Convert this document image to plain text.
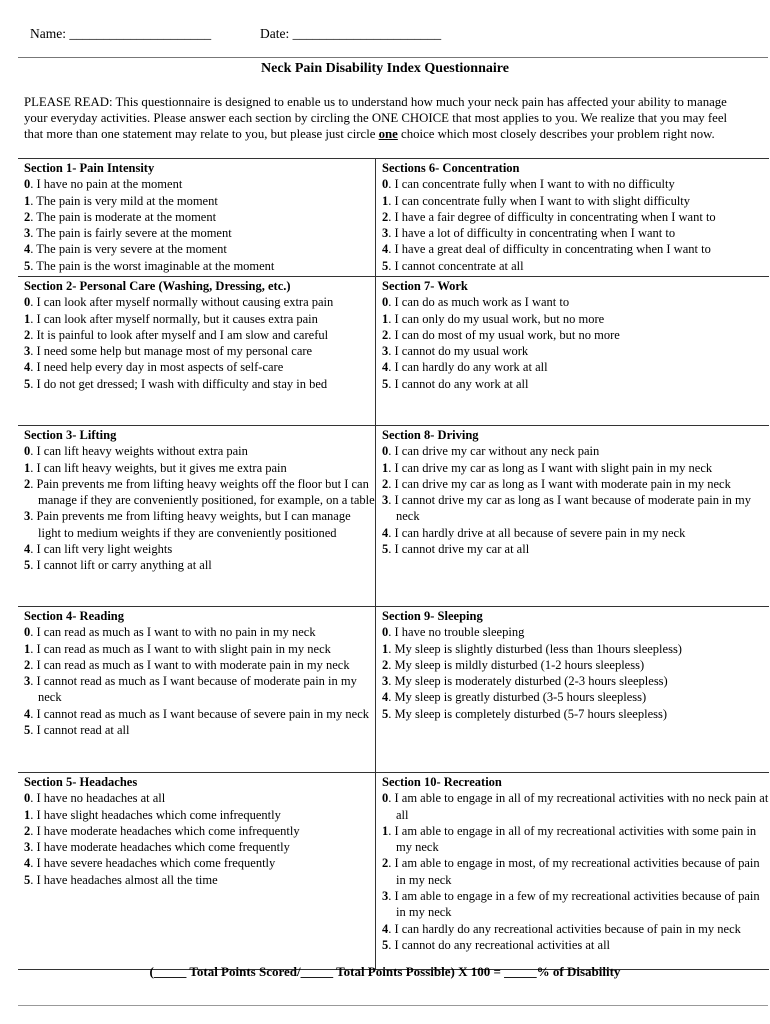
Name: _____________________	Date: ______________________
Neck Pain Disability Index Questionnaire
PLEASE READ: This questionnaire is designed to enable us to understand how much your neck pain has affected your ability to manage your everyday activities. Please answer each section by circling the ONE CHOICE that most applies to you. We realize that you may feel that more than one statement may relate to you, but please just circle one choice which most closely describes your problem right now.
Section 1- Pain Intensity
0. I have no pain at the moment
1. The pain is very mild at the moment
2. The pain is moderate at the moment
3. The pain is fairly severe at the moment
4. The pain is very severe at the moment
5. The pain is the worst imaginable at the moment
Sections 6- Concentration
0. I can concentrate fully when I want to with no difficulty
1. I can concentrate fully when I want to with slight difficulty
2. I have a fair degree of difficulty in concentrating when I want to
3. I have a lot of difficulty in concentrating when I want to
4. I have a great deal of difficulty in concentrating when I want to
5. I cannot concentrate at all
Section 2- Personal Care (Washing, Dressing, etc.)
0. I can look after myself normally without causing extra pain
1. I can look after myself normally, but it causes extra pain
2. It is painful to look after myself and I am slow and careful
3. I need some help but manage most of my personal care
4. I need help every day in most aspects of self-care
5. I do not get dressed; I wash with difficulty and stay in bed
Section 7- Work
0. I can do as much work as I want to
1. I can only do my usual work, but no more
2. I can do most of my usual work, but no more
3. I cannot do my usual work
4. I can hardly do any work at all
5. I cannot do any work at all
Section 3- Lifting
0. I can lift heavy weights without extra pain
1. I can lift heavy weights, but it gives me extra pain
2. Pain prevents me from lifting heavy weights off the floor but I can manage if they are conveniently positioned, for example, on a table
3. Pain prevents me from lifting heavy weights, but I can manage light to medium weights if they are conveniently positioned
4. I can lift very light weights
5. I cannot lift or carry anything at all
Section 8- Driving
0. I can drive my car without any neck pain
1. I can drive my car as long as I want with slight pain in my neck
2. I can drive my car as long as I want with moderate pain in my neck
3. I cannot drive my car as long as I want because of moderate pain in my neck
4. I can hardly drive at all because of severe pain in my neck
5. I cannot drive my car at all
Section 4- Reading
0. I can read as much as I want to with no pain in my neck
1. I can read as much as I want to with slight pain in my neck
2. I can read as much as I want to with moderate pain in my neck
3. I cannot read as much as I want because of moderate pain in my neck
4. I cannot read as much as I want because of severe pain in my neck
5. I cannot read at all
Section 9- Sleeping
0. I have no trouble sleeping
1. My sleep is slightly disturbed (less than 1hours sleepless)
2. My sleep is mildly disturbed (1-2 hours sleepless)
3. My sleep is moderately disturbed (2-3 hours sleepless)
4. My sleep is greatly disturbed (3-5 hours sleepless)
5. My sleep is completely disturbed (5-7 hours sleepless)
Section 5- Headaches
0. I have no headaches at all
1. I have slight headaches which come infrequently
2. I have moderate headaches which come infrequently
3. I have moderate headaches which come frequently
4. I have severe headaches which come frequently
5. I have headaches almost all the time
Section 10- Recreation
0. I am able to engage in all of my recreational activities with no neck pain at all
1. I am able to engage in all of my recreational activities with some pain in my neck
2. I am able to engage in most, of my recreational activities because of pain in my neck
3. I am able to engage in a few of my recreational activities because of pain in my neck
4. I can hardly do any recreational activities because of pain in my neck
5. I cannot do any recreational activities at all
(_____ Total Points Scored/_____ Total Points Possible) X 100 = _____% of Disability
